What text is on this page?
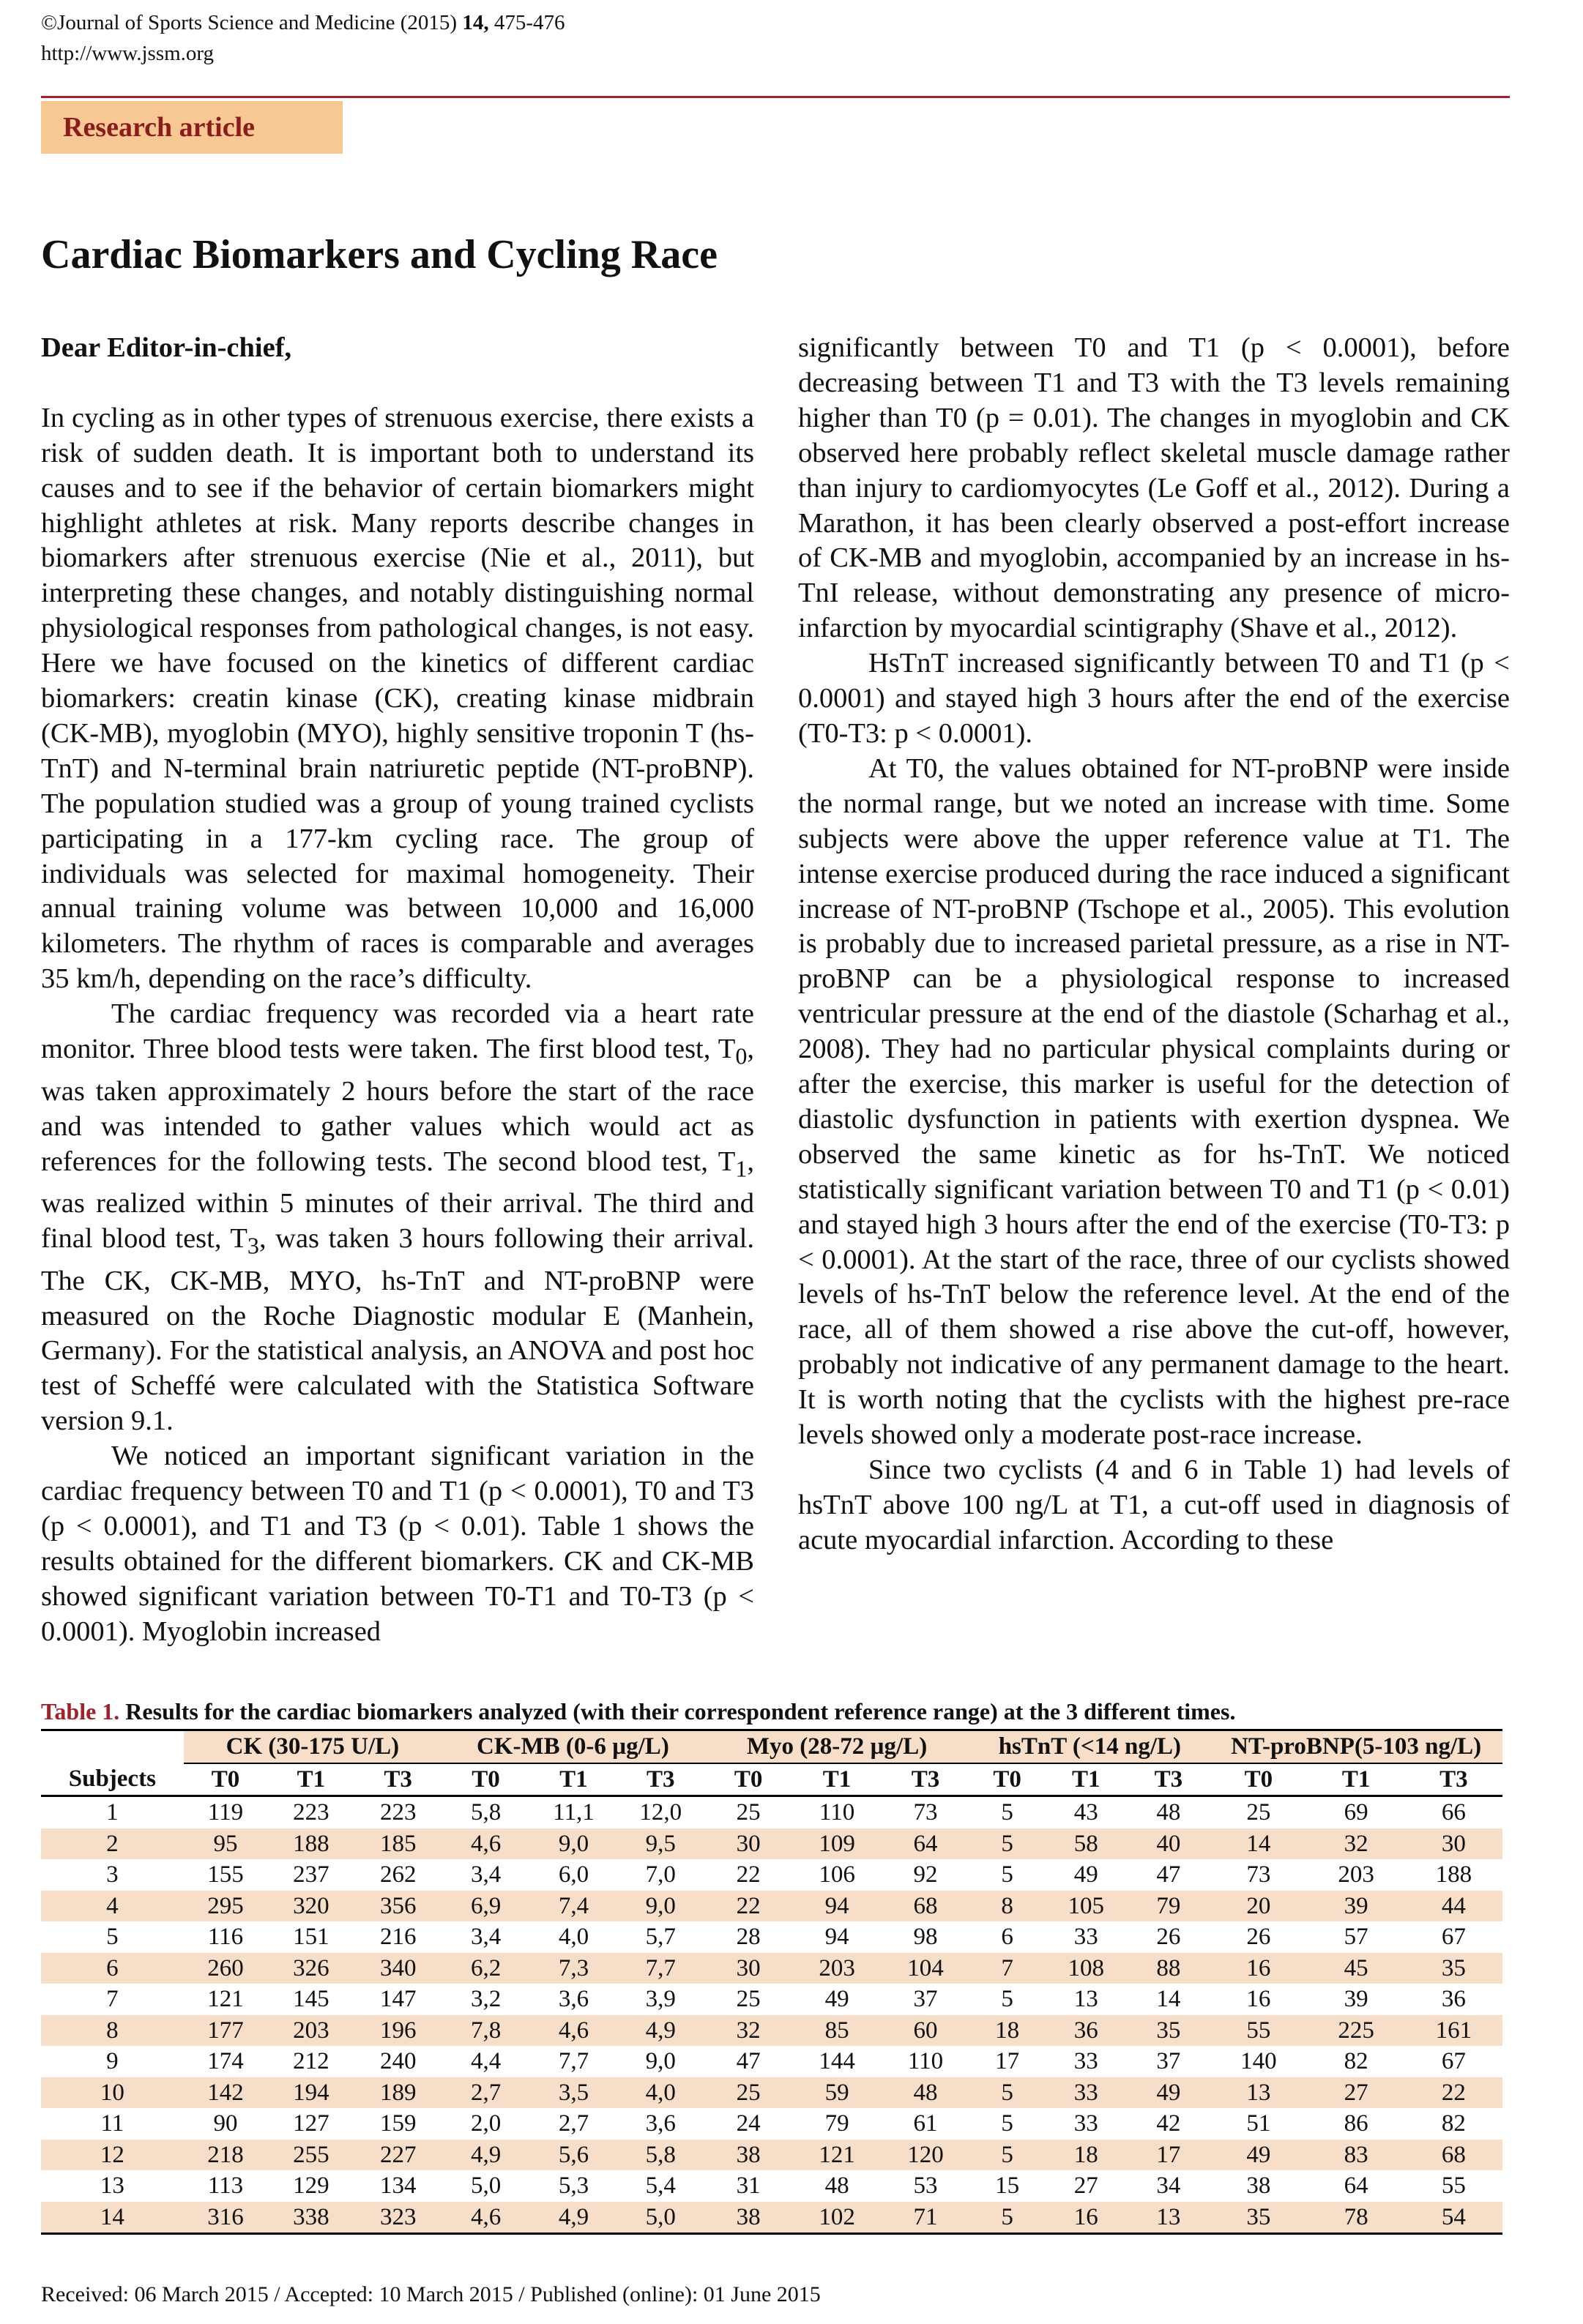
©Journal of Sports Science and Medicine (2015) 14, 475-476
http://www.jssm.org
Research article
Cardiac Biomarkers and Cycling Race

Dear Editor-in-chief,

In cycling as in other types of strenuous exercise, there exists a risk of sudden death. It is important both to understand its causes and to see if the behavior of certain biomarkers might highlight athletes at risk. Many reports describe changes in biomarkers after strenuous exercise (Nie et al., 2011), but interpreting these changes, and notably distinguishing normal physiological responses from pathological changes, is not easy. Here we have focused on the kinetics of different cardiac biomarkers: creatin kinase (CK), creating kinase midbrain (CK-MB), myoglobin (MYO), highly sensitive troponin T (hs-TnT) and N-terminal brain natriuretic peptide (NT-proBNP). The population studied was a group of young trained cyclists participating in a 177-km cycling race. The group of individuals was selected for maximal homogeneity. Their annual training volume was between 10,000 and 16,000 kilometers. The rhythm of races is comparable and averages 35 km/h, depending on the race’s difficulty.

The cardiac frequency was recorded via a heart rate monitor. Three blood tests were taken. The first blood test, $T_0$, was taken approximately 2 hours before the start of the race and was intended to gather values which would act as references for the following tests. The second blood test, $T_1$, was realized within 5 minutes of their arrival. The third and final blood test, $T_3$, was taken 3 hours following their arrival. The CK, CK-MB, MYO, hs-TnT and NT-proBNP were measured on the Roche Diagnostic modular E (Manhein, Germany). For the statistical analysis, an ANOVA and post hoc test of Scheffé were calculated with the Statistica Software version 9.1.

We noticed an important significant variation in the cardiac frequency between T0 and T1 (p < 0.0001), T0 and T3 (p < 0.0001), and T1 and T3 (p < 0.01). Table 1 shows the results obtained for the different biomarkers. CK and CK-MB showed significant variation between T0-T1 and T0-T3 (p < 0.0001). Myoglobin increased

significantly between T0 and T1 (p < 0.0001), before decreasing between T1 and T3 with the T3 levels remaining higher than T0 (p = 0.01). The changes in myoglobin and CK observed here probably reflect skeletal muscle damage rather than injury to cardiomyocytes (Le Goff et al., 2012). During a Marathon, it has been clearly observed a post-effort increase of CK-MB and myoglobin, accompanied by an increase in hs-TnI release, without demonstrating any presence of micro-infarction by myocardial scintigraphy (Shave et al., 2012).

HsTnT increased significantly between T0 and T1 (p < 0.0001) and stayed high 3 hours after the end of the exercise (T0-T3: p < 0.0001).

At T0, the values obtained for NT-proBNP were inside the normal range, but we noted an increase with time. Some subjects were above the upper reference value at T1. The intense exercise produced during the race induced a significant increase of NT-proBNP (Tschope et al., 2005). This evolution is probably due to increased parietal pressure, as a rise in NT-proBNP can be a physiological response to increased ventricular pressure at the end of the diastole (Scharhag et al., 2008). They had no particular physical complaints during or after the exercise, this marker is useful for the detection of diastolic dysfunction in patients with exertion dyspnea. We observed the same kinetic as for hs-TnT. We noticed statistically significant variation between T0 and T1 (p < 0.01) and stayed high 3 hours after the end of the exercise (T0-T3: p < 0.0001). At the start of the race, three of our cyclists showed levels of hs-TnT below the reference level. At the end of the race, all of them showed a rise above the cut-off, however, probably not indicative of any permanent damage to the heart. It is worth noting that the cyclists with the highest pre-race levels showed only a moderate post-race increase.

Since two cyclists (4 and 6 in Table 1) had levels of hsTnT above 100 ng/L at T1, a cut-off used in diagnosis of acute myocardial infarction. According to these

Table 1. Results for the cardiac biomarkers analyzed (with their correspondent reference range) at the 3 different times.
	CK (30-175 U/L)			CK-MB (0-6 µg/L)			Myo (28-72 µg/L)			hsTnT (<14 ng/L)			NT-proBNP(5-103 ng/L)		
Subjects	T0	T1	T3	T0	T1	T3	T0	T1	T3	T0	T1	T3	T0	T1	T3
1	119	223	223	5,8	11,1	12,0	25	110	73	5	43	48	25	69	66
2	95	188	185	4,6	9,0	9,5	30	109	64	5	58	40	14	32	30
3	155	237	262	3,4	6,0	7,0	22	106	92	5	49	47	73	203	188
4	295	320	356	6,9	7,4	9,0	22	94	68	8	105	79	20	39	44
5	116	151	216	3,4	4,0	5,7	28	94	98	6	33	26	26	57	67
6	260	326	340	6,2	7,3	7,7	30	203	104	7	108	88	16	45	35
7	121	145	147	3,2	3,6	3,9	25	49	37	5	13	14	16	39	36
8	177	203	196	7,8	4,6	4,9	32	85	60	18	36	35	55	225	161
9	174	212	240	4,4	7,7	9,0	47	144	110	17	33	37	140	82	67
10	142	194	189	2,7	3,5	4,0	25	59	48	5	33	49	13	27	22
11	90	127	159	2,0	2,7	3,6	24	79	61	5	33	42	51	86	82
12	218	255	227	4,9	5,6	5,8	38	121	120	5	18	17	49	83	68
13	113	129	134	5,0	5,3	5,4	31	48	53	15	27	34	38	64	55
14	316	338	323	4,6	4,9	5,0	38	102	71	5	16	13	35	78	54
Received: 06 March 2015 / Accepted: 10 March 2015 / Published (online): 01 June 2015
